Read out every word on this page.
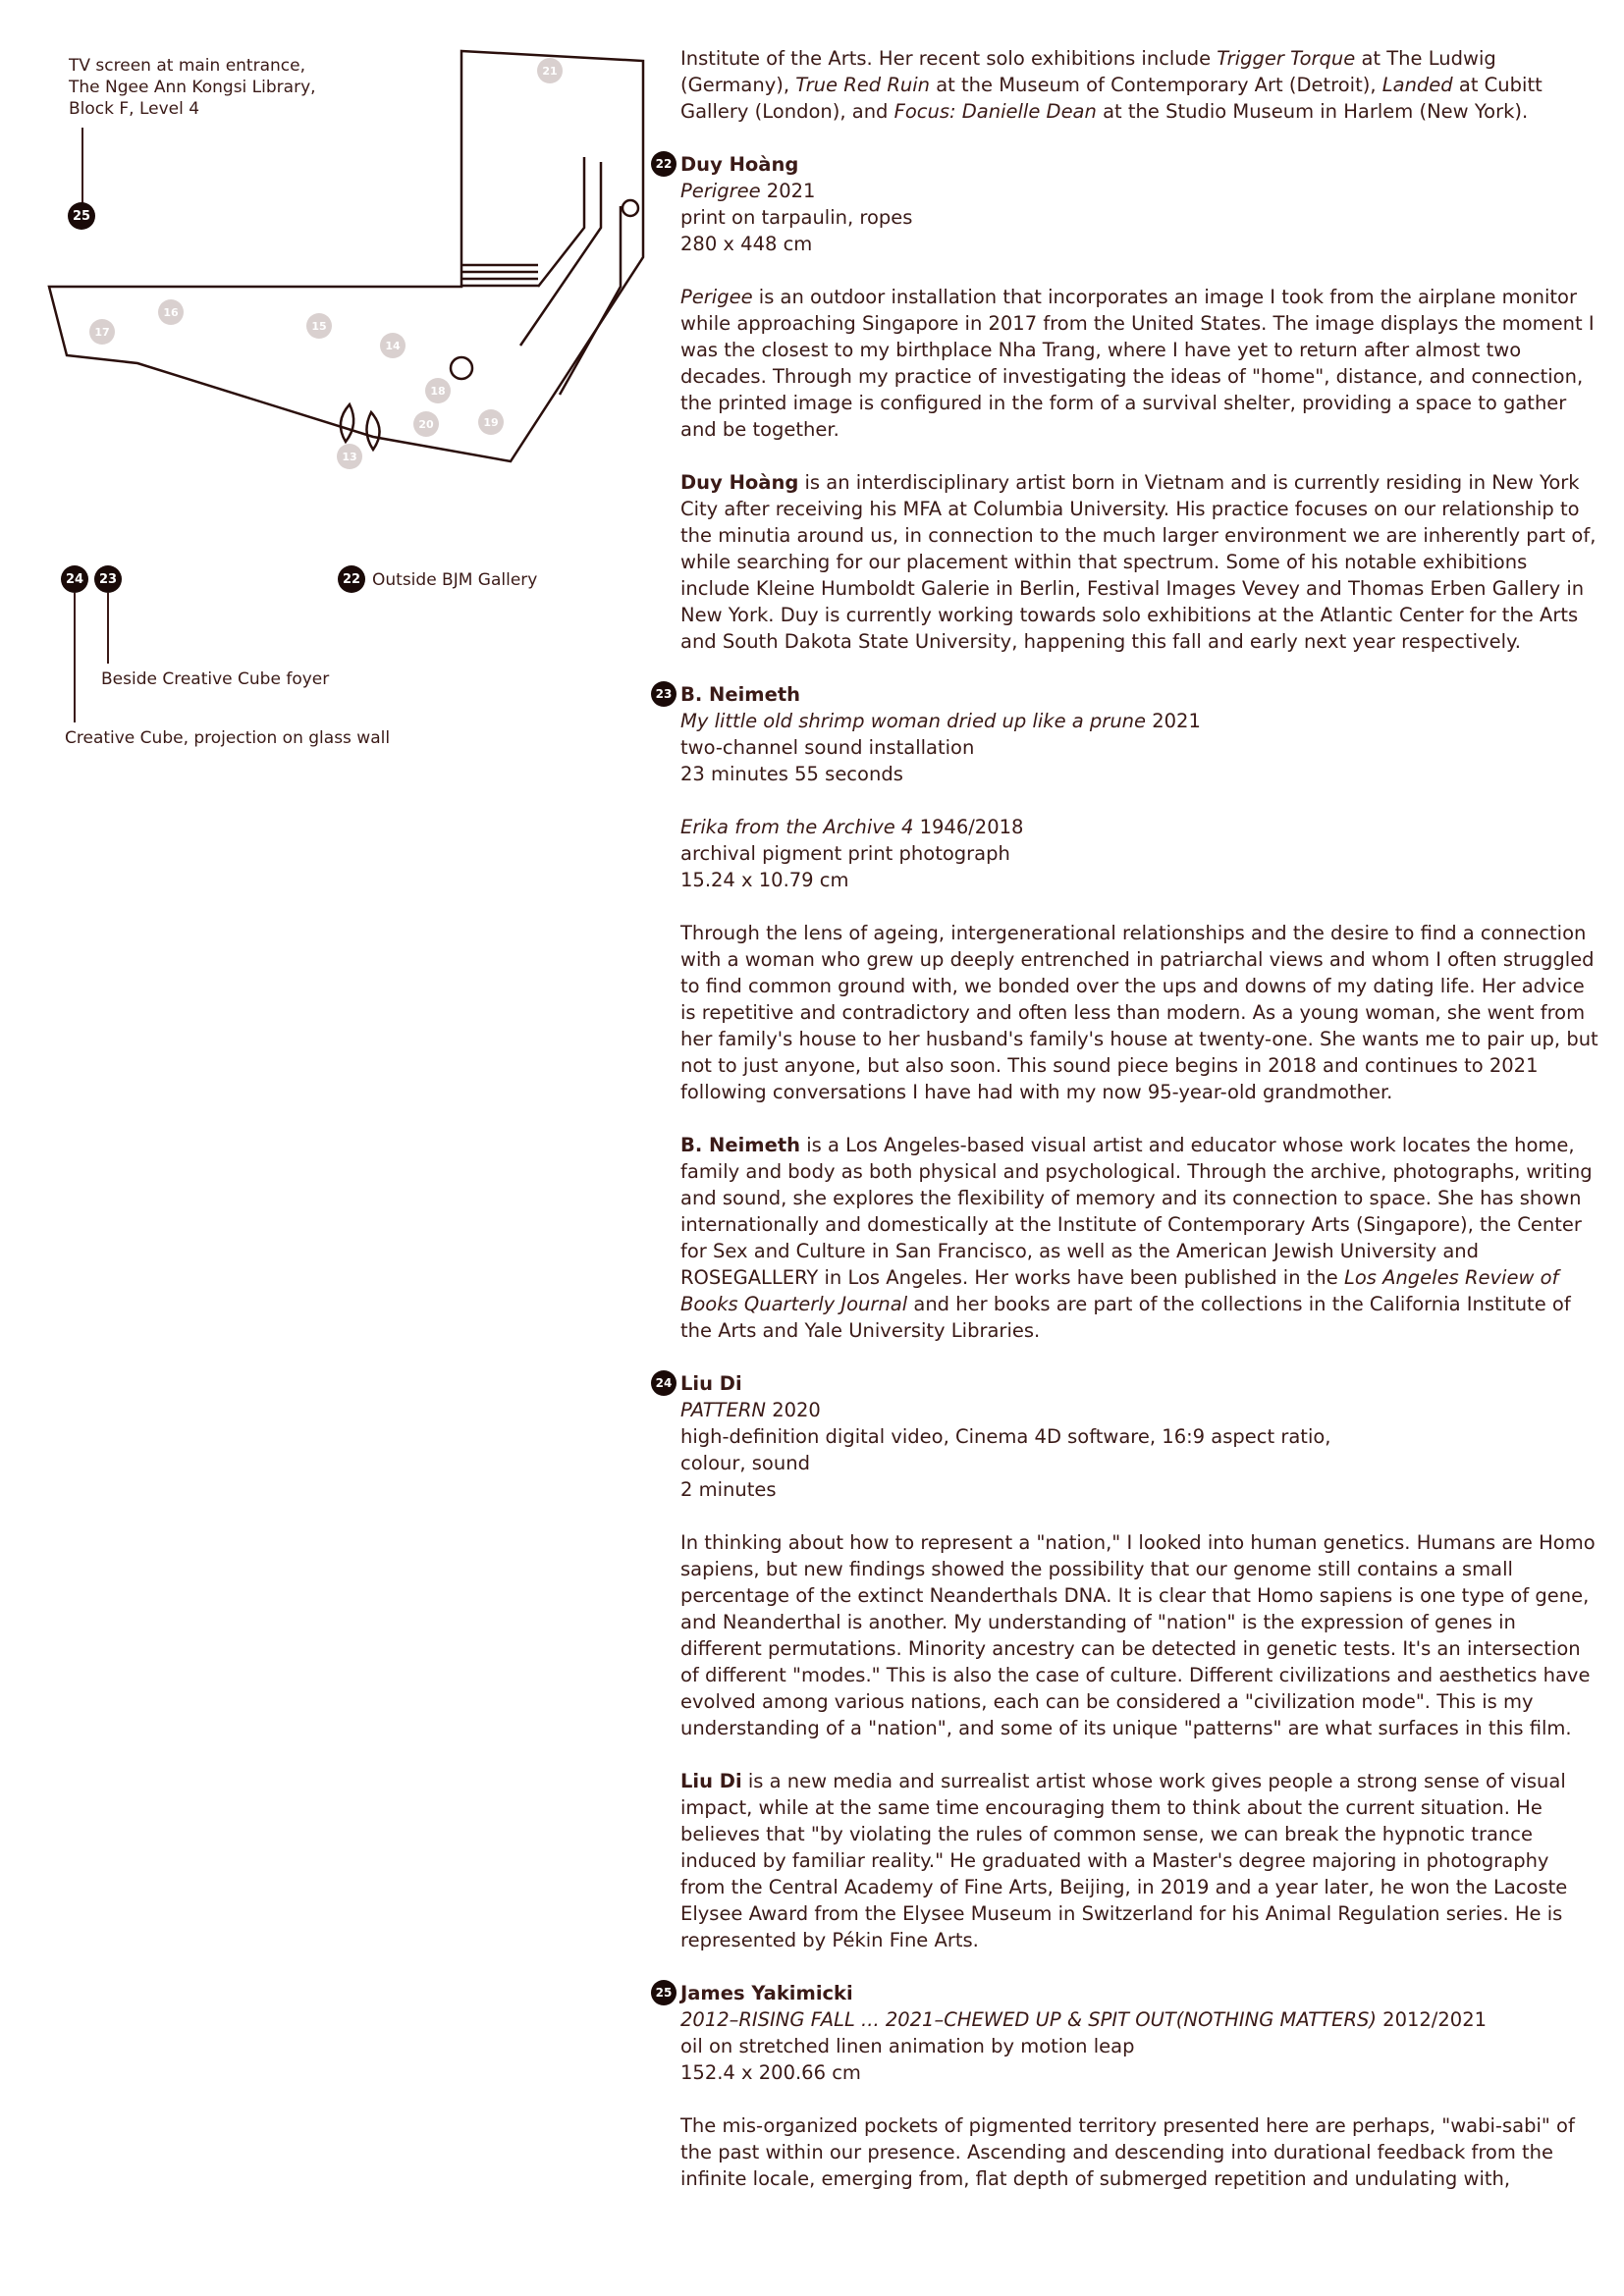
21
17
16
15
14
18
20	19
13
TV screen at main entrance,
The Ngee Ann Kongsi Library,
Block F, Level 4
25
24	23	22 Outside BJM Gallery
Beside Creative Cube foyer
Creative Cube, projection on glass wall

Institute of the Arts. Her recent solo exhibitions include Trigger Torque at The Ludwig (Germany), True Red Ruin at the Museum of Contemporary Art (Detroit), Landed at Cubitt Gallery (London), and Focus: Danielle Dean at the Studio Museum in Harlem (New York).

22 Duy Hoàng

Perigree 2021

print on tarpaulin, ropes

280 x 448 cm

Perigee is an outdoor installation that incorporates an image I took from the airplane monitor while approaching Singapore in 2017 from the United States. The image displays the moment I was the closest to my birthplace Nha Trang, where I have yet to return after almost two decades. Through my practice of investigating the ideas of "home", distance, and connection, the printed image is configured in the form of a survival shelter, providing a space to gather and be together.

Duy Hoàng is an interdisciplinary artist born in Vietnam and is currently residing in New York City after receiving his MFA at Columbia University. His practice focuses on our relationship to the minutia around us, in connection to the much larger environment we are inherently part of, while searching for our placement within that spectrum. Some of his notable exhibitions include Kleine Humboldt Galerie in Berlin, Festival Images Vevey and Thomas Erben Gallery in New York. Duy is currently working towards solo exhibitions at the Atlantic Center for the Arts and South Dakota State University, happening this fall and early next year respectively.

23 B. Neimeth

My little old shrimp woman dried up like a prune 2021

two-channel sound installation

23 minutes 55 seconds

Erika from the Archive 4 1946/2018

archival pigment print photograph

15.24 x 10.79 cm

Through the lens of ageing, intergenerational relationships and the desire to find a connection with a woman who grew up deeply entrenched in patriarchal views and whom I often struggled to find common ground with, we bonded over the ups and downs of my dating life. Her advice is repetitive and contradictory and often less than modern. As a young woman, she went from her family's house to her husband's family's house at twenty-one. She wants me to pair up, but not to just anyone, but also soon. This sound piece begins in 2018 and continues to 2021 following conversations I have had with my now 95-year-old grandmother.

B. Neimeth is a Los Angeles-based visual artist and educator whose work locates the home, family and body as both physical and psychological. Through the archive, photographs, writing and sound, she explores the flexibility of memory and its connection to space. She has shown internationally and domestically at the Institute of Contemporary Arts (Singapore), the Center for Sex and Culture in San Francisco, as well as the American Jewish University and ROSEGALLERY in Los Angeles. Her works have been published in the Los Angeles Review of Books Quarterly Journal and her books are part of the collections in the California Institute of the Arts and Yale University Libraries.

24 Liu Di

PATTERN 2020

high-definition digital video, Cinema 4D software, 16:9 aspect ratio,

colour, sound

2 minutes

In thinking about how to represent a "nation," I looked into human genetics. Humans are Homo sapiens, but new findings showed the possibility that our genome still contains a small percentage of the extinct Neanderthals DNA. It is clear that Homo sapiens is one type of gene, and Neanderthal is another. My understanding of "nation" is the expression of genes in different permutations. Minority ancestry can be detected in genetic tests. It's an intersection of different "modes." This is also the case of culture. Different civilizations and aesthetics have evolved among various nations, each can be considered a "civilization mode". This is my understanding of a "nation", and some of its unique "patterns" are what surfaces in this film.

Liu Di is a new media and surrealist artist whose work gives people a strong sense of visual impact, while at the same time encouraging them to think about the current situation. He believes that "by violating the rules of common sense, we can break the hypnotic trance induced by familiar reality." He graduated with a Master's degree majoring in photography from the Central Academy of Fine Arts, Beijing, in 2019 and a year later, he won the Lacoste Elysee Award from the Elysee Museum in Switzerland for his Animal Regulation series. He is represented by Pékin Fine Arts.

25 James Yakimicki

2012–RISING FALL ... 2021–CHEWED UP & SPIT OUT(NOTHING MATTERS) 2012/2021

oil on stretched linen animation by motion leap

152.4 x 200.66 cm

The mis-organized pockets of pigmented territory presented here are perhaps, "wabi-sabi" of the past within our presence. Ascending and descending into durational feedback from the infinite locale, emerging from, flat depth of submerged repetition and undulating with,
